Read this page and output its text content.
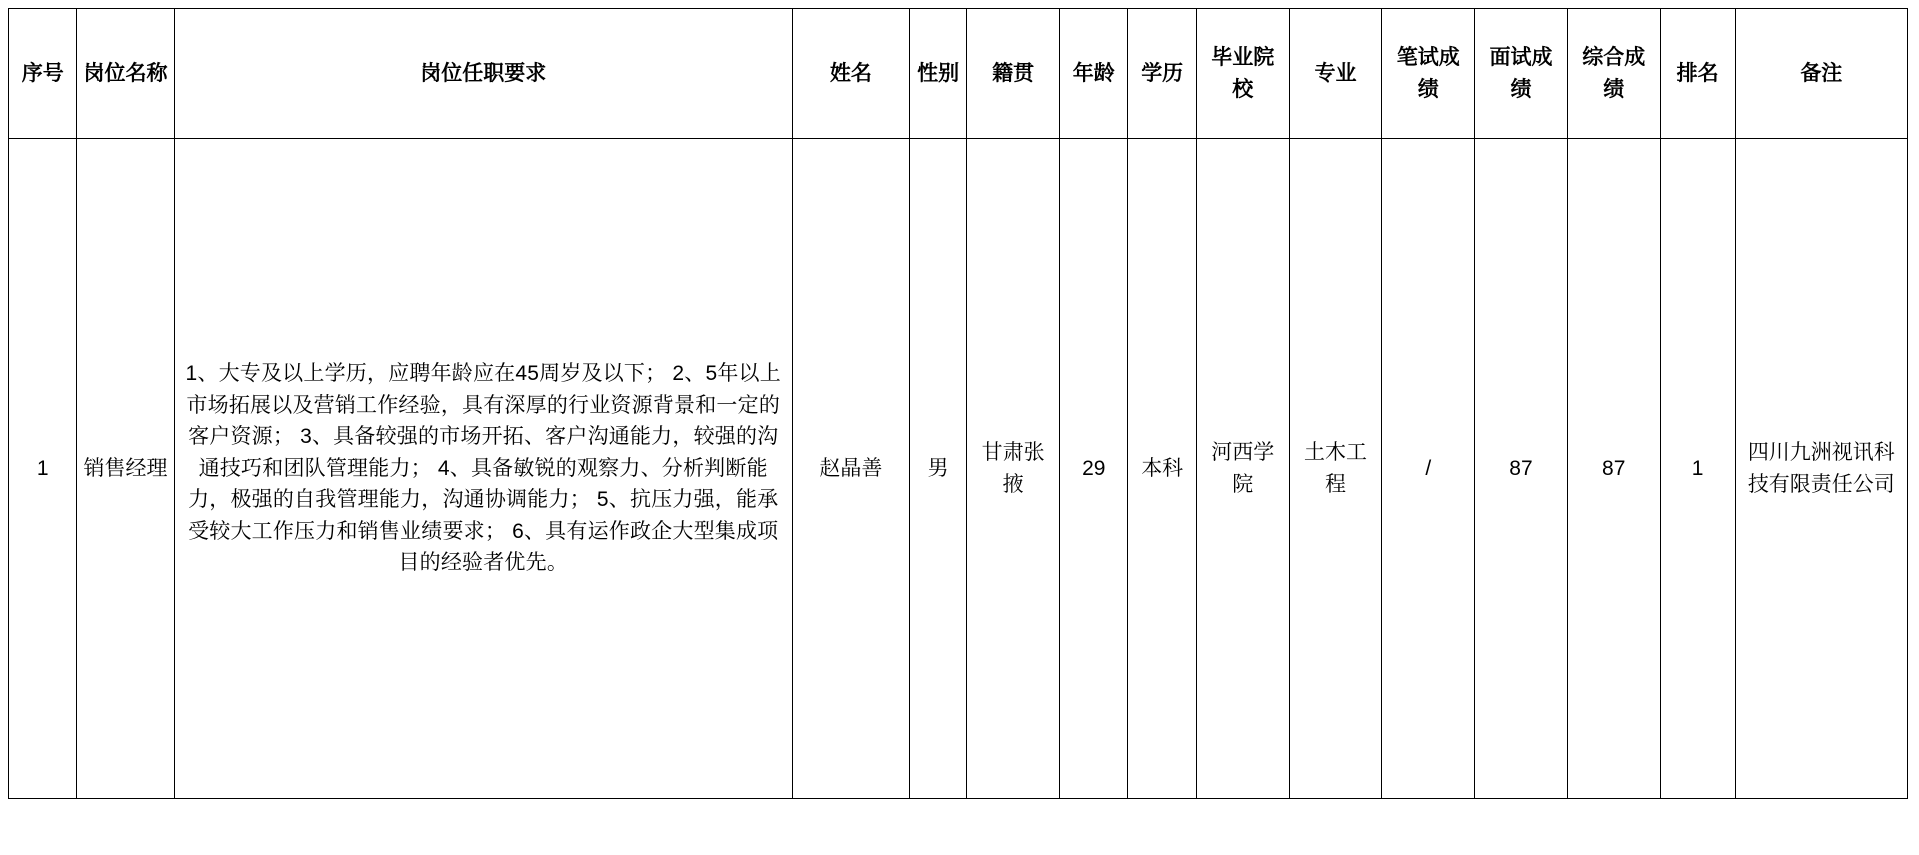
序号	岗位名称	岗位任职要求	姓名	性别	籍贯	年龄	学历	毕业院校	专业	笔试成绩	面试成绩	综合成绩	排名	备注
1	销售经理	1、大专及以上学历，应聘年龄应在45周岁及以下； 2、5年以上市场拓展以及营销工作经验，具有深厚的行业资源背景和一定的客户资源； 3、具备较强的市场开拓、客户沟通能力，较强的沟通技巧和团队管理能力； 4、具备敏锐的观察力、分析判断能力，极强的自我管理能力，沟通协调能力； 5、抗压力强，能承受较大工作压力和销售业绩要求； 6、具有运作政企大型集成项目的经验者优先。	赵晶善	男	甘肃张掖	29	本科	河西学院	土木工程	/	87	87	1	四川九洲视讯科技有限责任公司
